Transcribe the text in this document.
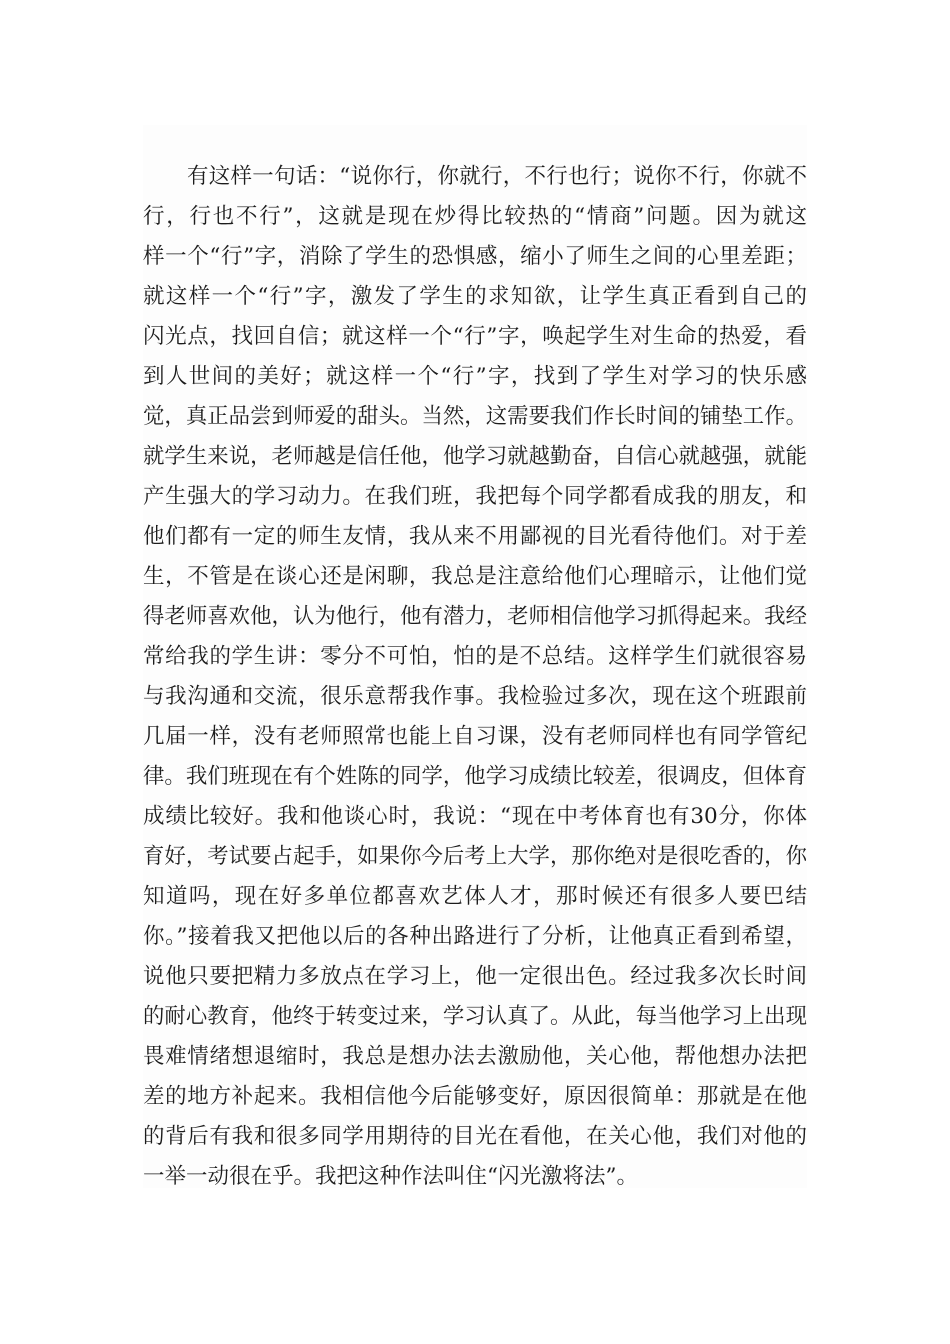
有这样一句话：“说你行，你就行，不行也行；说你不行，你就不
行，行也不行”，这就是现在炒得比较热的“情商”问题。因为就这
样一个“行”字，消除了学生的恐惧感，缩小了师生之间的心里差距；
就这样一个“行”字，激发了学生的求知欲，让学生真正看到自己的
闪光点，找回自信；就这样一个“行”字，唤起学生对生命的热爱，看
到人世间的美好；就这样一个“行”字，找到了学生对学习的快乐感
觉，真正品尝到师爱的甜头。当然，这需要我们作长时间的铺垫工作。
就学生来说，老师越是信任他，他学习就越勤奋，自信心就越强，就能
产生强大的学习动力。在我们班，我把每个同学都看成我的朋友，和
他们都有一定的师生友情，我从来不用鄙视的目光看待他们。对于差
生，不管是在谈心还是闲聊，我总是注意给他们心理暗示，让他们觉
得老师喜欢他，认为他行，他有潜力，老师相信他学习抓得起来。我经
常给我的学生讲：零分不可怕，怕的是不总结。这样学生们就很容易
与我沟通和交流，很乐意帮我作事。我检验过多次，现在这个班跟前
几届一样，没有老师照常也能上自习课，没有老师同样也有同学管纪
律。我们班现在有个姓陈的同学，他学习成绩比较差，很调皮，但体育
成绩比较好。我和他谈心时，我说：“现在中考体育也有30分，你体
育好，考试要占起手，如果你今后考上大学，那你绝对是很吃香的，你
知道吗，现在好多单位都喜欢艺体人才，那时候还有很多人要巴结
你。”接着我又把他以后的各种出路进行了分析，让他真正看到希望，
说他只要把精力多放点在学习上，他一定很出色。经过我多次长时间
的耐心教育，他终于转变过来，学习认真了。从此，每当他学习上出现
畏难情绪想退缩时，我总是想办法去激励他，关心他，帮他想办法把
差的地方补起来。我相信他今后能够变好，原因很简单：那就是在他
的背后有我和很多同学用期待的目光在看他，在关心他，我们对他的
一举一动很在乎。我把这种作法叫住“闪光激将法”。
